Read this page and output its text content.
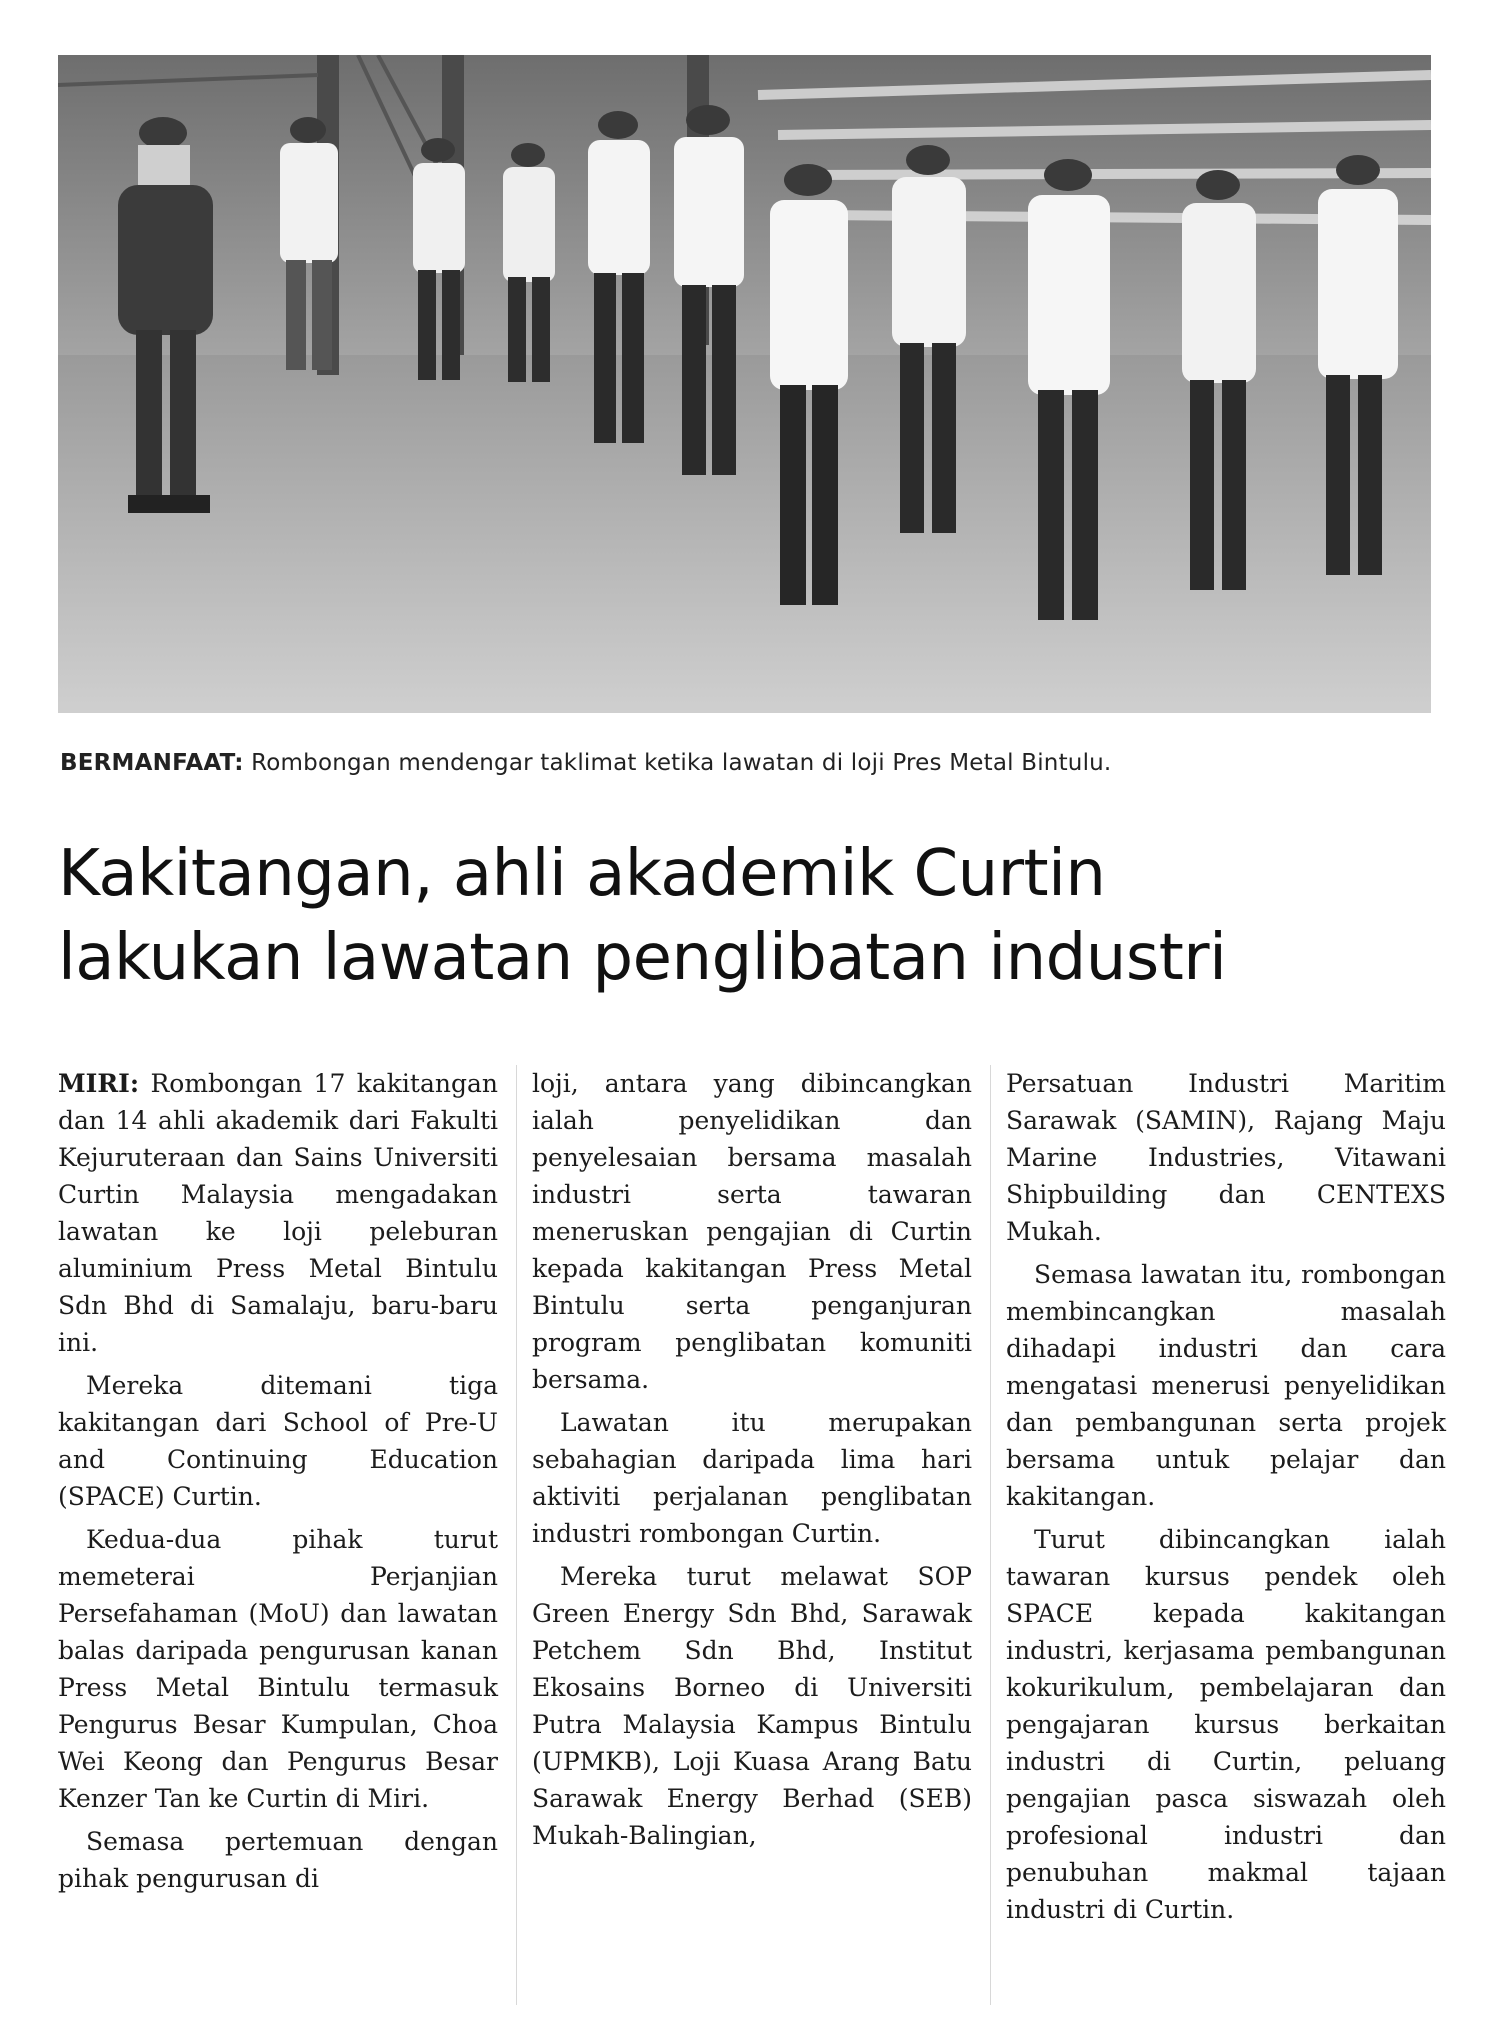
BERMANFAAT: Rombongan mendengar taklimat ketika lawatan di loji Pres Metal Bintulu.
Kakitangan, ahli akademik Curtin
lakukan lawatan penglibatan industri

MIRI: Rombongan 17 kakitangan dan 14 ahli akademik dari Fakulti Kejuruteraan dan Sains Universiti Curtin Malaysia mengadakan lawatan ke loji peleburan aluminium Press Metal Bintulu Sdn Bhd di Samalaju, baru-baru ini.

Mereka ditemani tiga kakitangan dari School of Pre-U and Continuing Education (SPACE) Curtin.

Kedua-dua pihak turut memeterai Perjanjian Persefahaman (MoU) dan lawatan balas daripada pengurusan kanan Press Metal Bintulu termasuk Pengurus Besar Kumpulan, Choa Wei Keong dan Pengurus Besar Kenzer Tan ke Curtin di Miri.

Semasa pertemuan dengan pihak pengurusan di

loji, antara yang dibincangkan ialah penyelidikan dan penyelesaian bersama masalah industri serta tawaran meneruskan pengajian di Curtin kepada kakitangan Press Metal Bintulu serta penganjuran program penglibatan komuniti bersama.

Lawatan itu merupakan sebahagian daripada lima hari aktiviti perjalanan penglibatan industri rombongan Curtin.

Mereka turut melawat SOP Green Energy Sdn Bhd, Sarawak Petchem Sdn Bhd, Institut Ekosains Borneo di Universiti Putra Malaysia Kampus Bintulu (UPMKB), Loji Kuasa Arang Batu Sarawak Energy Berhad (SEB) Mukah-Balingian,

Persatuan Industri Maritim Sarawak (SAMIN), Rajang Maju Marine Industries, Vitawani Shipbuilding dan CENTEXS Mukah.

Semasa lawatan itu, rombongan membincangkan masalah dihadapi industri dan cara mengatasi menerusi penyelidikan dan pembangunan serta projek bersama untuk pelajar dan kakitangan.

Turut dibincangkan ialah tawaran kursus pendek oleh SPACE kepada kakitangan industri, kerjasama pembangunan kokurikulum, pembelajaran dan pengajaran kursus berkaitan industri di Curtin, peluang pengajian pasca siswazah oleh profesional industri dan penubuhan makmal tajaan industri di Curtin.
